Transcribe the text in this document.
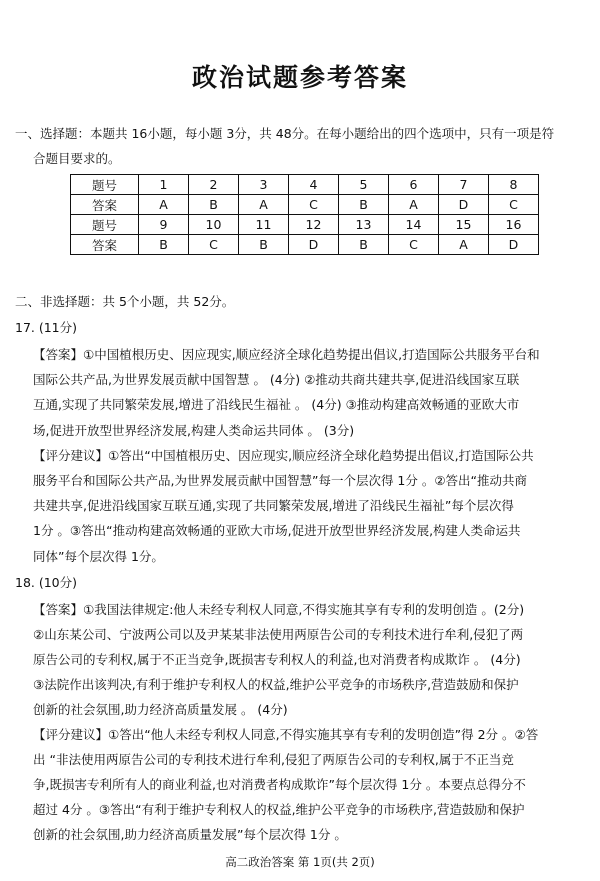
政治试题参考答案
一、选择题：本题共 16小题，每小题 3分，共 48分。在每小题给出的四个选项中，只有一项是符
合题目要求的。
题号	1	2	3	4	5	6	7	8
答案	A	B	A	C	B	A	D	C
题号	9	10	11	12	13	14	15	16
答案	B	C	B	D	B	C	A	D
二、非选择题：共 5个小题，共 52分。
17. (11分)
【答案】①中国植根历史、因应现实,顺应经济全球化趋势提出倡议,打造国际公共服务平台和
国际公共产品,为世界发展贡献中国智慧 。 (4分) ②推动共商共建共享,促进沿线国家互联
互通,实现了共同繁荣发展,增进了沿线民生福祉 。 (4分) ③推动构建高效畅通的亚欧大市
场,促进开放型世界经济发展,构建人类命运共同体 。 (3分)
【评分建议】①答出“中国植根历史、因应现实,顺应经济全球化趋势提出倡议,打造国际公共
服务平台和国际公共产品,为世界发展贡献中国智慧”每一个层次得 1分 。②答出“推动共商
共建共享,促进沿线国家互联互通,实现了共同繁荣发展,增进了沿线民生福祉”每个层次得
1分 。③答出“推动构建高效畅通的亚欧大市场,促进开放型世界经济发展,构建人类命运共
同体”每个层次得 1分。
18. (10分)
【答案】①我国法律规定:他人未经专利权人同意,不得实施其享有专利的发明创造 。(2分)
②山东某公司、宁波两公司以及尹某某非法使用两原告公司的专利技术进行牟利,侵犯了两
原告公司的专利权,属于不正当竞争,既损害专利权人的利益,也对消费者构成欺诈 。 (4分)
③法院作出该判决,有利于维护专利权人的权益,维护公平竞争的市场秩序,营造鼓励和保护
创新的社会氛围,助力经济高质量发展 。 (4分)
【评分建议】①答出“他人未经专利权人同意,不得实施其享有专利的发明创造”得 2分 。②答
出 “非法使用两原告公司的专利技术进行牟利,侵犯了两原告公司的专利权,属于不正当竞
争,既损害专利所有人的商业利益,也对消费者构成欺诈”每个层次得 1分 。本要点总得分不
超过 4分 。③答出“有利于维护专利权人的权益,维护公平竞争的市场秩序,营造鼓励和保护
创新的社会氛围,助力经济高质量发展”每个层次得 1分 。
高二政治答案 第 1页(共 2页)
